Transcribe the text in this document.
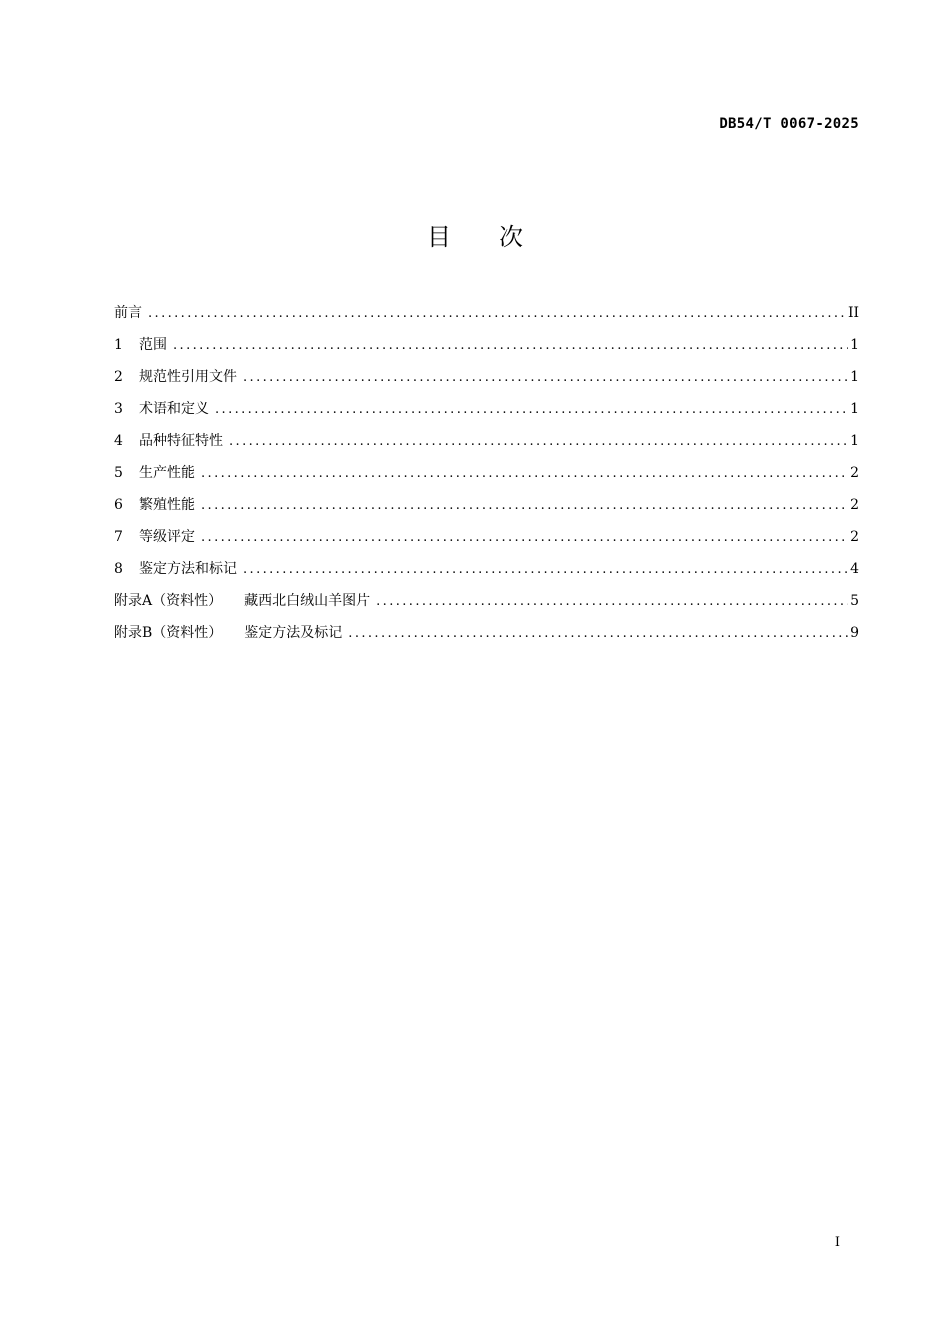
DB54/T 0067-2025
目次
前言 .....	II
1	范围 .....	1
2	规范性引用文件 .....	1
3	术语和定义 .....	1
4	品种特征特性 .....	1
5	生产性能 .....	2
6	繁殖性能 .....	2
7	等级评定 .....	2
8	鉴定方法和标记 .....	4
附录A（资料性） 藏西北白绒山羊图片 .....	5
附录B（资料性） 鉴定方法及标记 .....	9
I
